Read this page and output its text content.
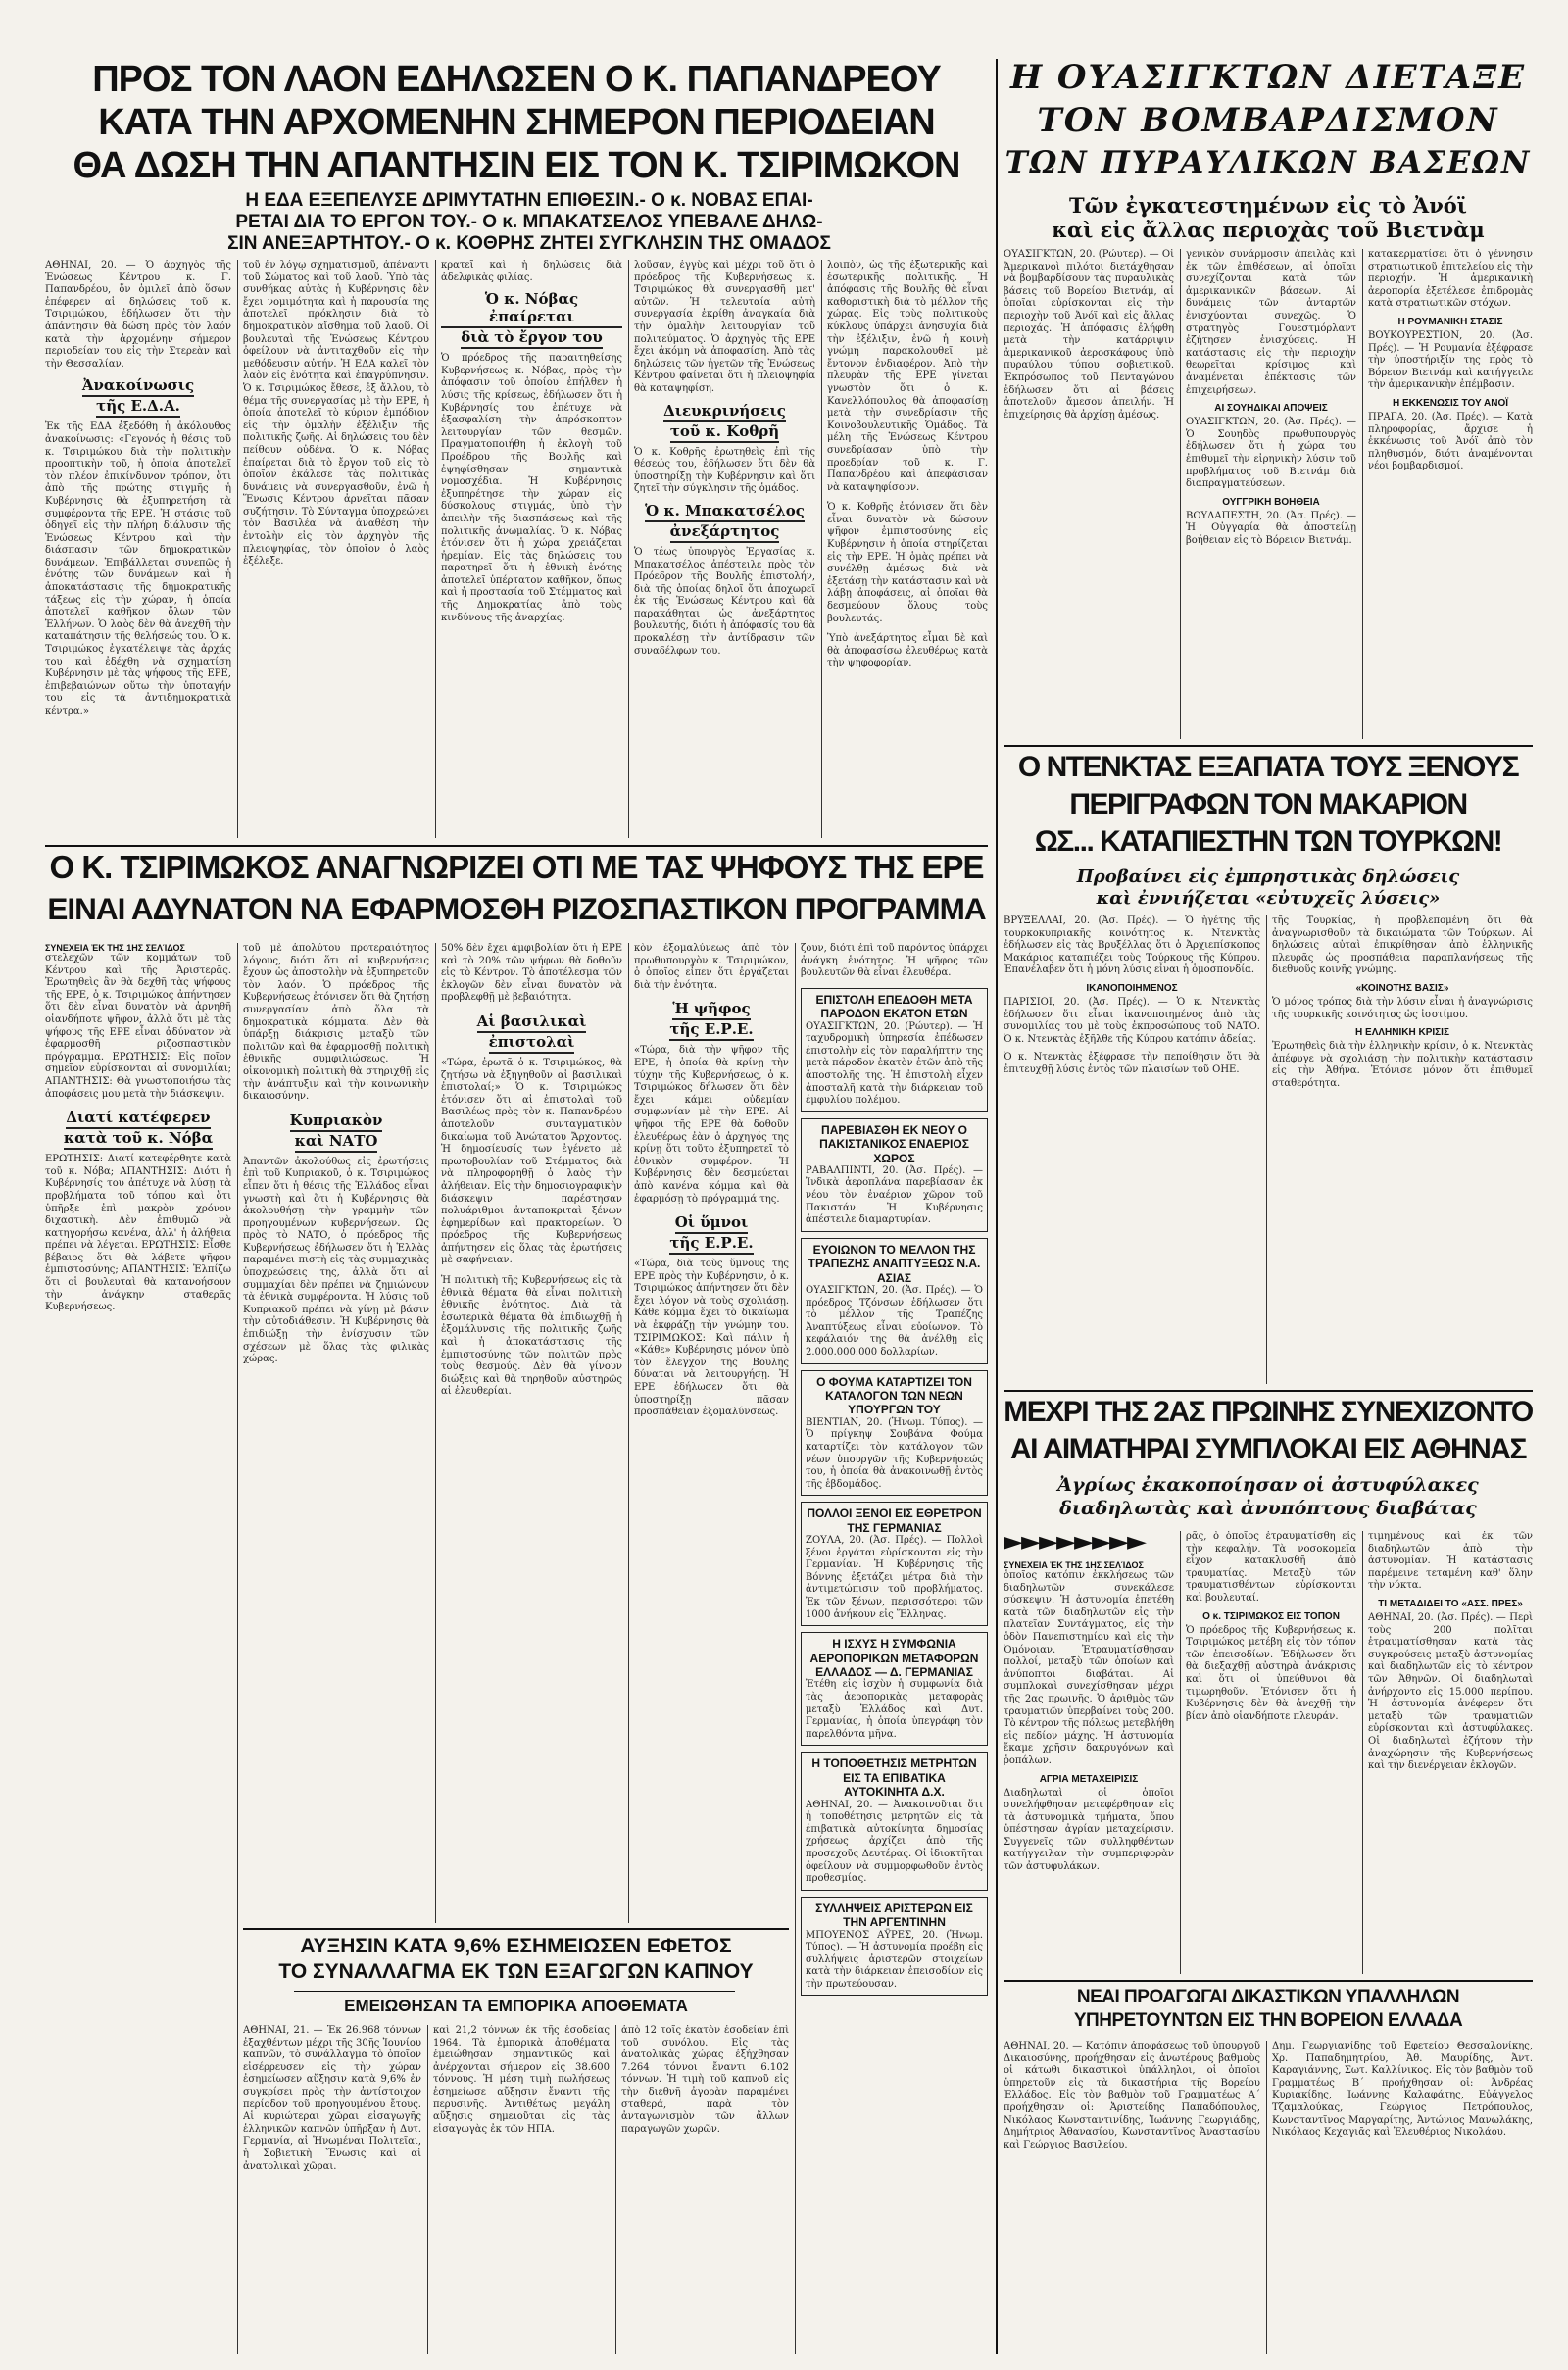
ΠΡΟΣ ΤΟΝ ΛΑΟΝ ΕΔΗΛΩΣΕΝ Ο Κ. ΠΑΠΑΝΔΡΕΟΥ
ΚΑΤΑ ΤΗΝ ΑΡΧΟΜΕΝΗΝ ΣΗΜΕΡΟΝ ΠΕΡΙΟΔΕΙΑΝ
ΘΑ ΔΩΣΗ ΤΗΝ ΑΠΑΝΤΗΣΙΝ ΕΙΣ ΤΟΝ Κ. ΤΣΙΡΙΜΩΚΟΝ
Η ΕΔΑ ΕΞΕΠΕΛΥΣΕ ΔΡΙΜΥΤΑΤΗΝ ΕΠΙΘΕΣΙΝ.- Ο κ. ΝΟΒΑΣ ΕΠΑΙ-
ΡΕΤΑΙ ΔΙΑ ΤΟ ΕΡΓΟΝ ΤΟΥ.- Ο κ. ΜΠΑΚΑΤΣΕΛΟΣ ΥΠΕΒΑΛΕ ΔΗΛΩ-
ΣΙΝ ΑΝΕΞΑΡΤΗΤΟΥ.- Ο κ. ΚΟΘΡΗΣ ΖΗΤΕΙ ΣΥΓΚΛΗΣΙΝ ΤΗΣ ΟΜΑΔΟΣ
ΑΘΗΝΑΙ, 20. — Ὁ ἀρχηγὸς τῆς Ἑνώσεως Κέντρου κ. Γ. Παπανδρέου, ὅν ὁμιλεῖ ἀπὸ ὅσων ἐπέφερεν αἱ δηλώσεις τοῦ κ. Τσιριμώκου, ἐδήλωσεν ὅτι τὴν ἀπάντησιν θὰ δώση πρὸς τὸν λαόν κατὰ τὴν ἀρχομένην σήμερον περιοδείαν του εἰς τὴν Στερεὰν καὶ τὴν Θεσσαλίαν.
Ἀνακοίνωσις
τῆς Ε.Δ.Α.
Ἐκ τῆς ΕΔΑ ἐξεδόθη ἡ ἀκόλουθος ἀνακοίνωσις: «Γεγονός ἡ θέσις τοῦ κ. Τσιριμώκου διὰ τὴν πολιτικὴν προοπτικὴν τοῦ, ἡ ὁποία ἀποτελεῖ τὸν πλέον ἐπικίνδυνον τρόπον, ὅτι ἀπὸ τῆς πρώτης στιγμῆς ἡ Κυβέρνησις θὰ ἐξυπηρετήση τὰ συμφέροντα τῆς ΕΡΕ. Ἡ στάσις τοῦ ὁδηγεῖ εἰς τὴν πλήρη διάλυσιν τῆς Ἑνώσεως Κέντρου καὶ τὴν διάσπασιν τῶν δημοκρατικῶν δυνάμεων. Ἐπιβάλλεται συνεπῶς ἡ ἑνότης τῶν δυνάμεων καὶ ἡ ἀποκατάστασις τῆς δημοκρατικῆς τάξεως εἰς τὴν χώραν, ἡ ὁποία ἀποτελεῖ καθῆκον ὅλων τῶν Ἑλλήνων. Ὁ λαὸς δὲν θὰ ἀνεχθῆ τὴν καταπάτησιν τῆς θελήσεώς του. Ὁ κ. Τσιριμώκος ἐγκατέλειψε τὰς ἀρχάς του καὶ ἐδέχθη νὰ σχηματίση Κυβέρνησιν μὲ τὰς ψήφους τῆς ΕΡΕ, ἐπιβεβαιώνων οὕτω τὴν ὑποταγήν του εἰς τὰ ἀντιδημοκρατικὰ κέντρα.»
τοῦ ἐν λόγῳ σχηματισμοῦ, ἀπέναντι τοῦ Σώματος καὶ τοῦ λαοῦ. Ὑπὸ τὰς συνθήκας αὐτὰς ἡ Κυβέρνησις δὲν ἔχει νομιμότητα καὶ ἡ παρουσία της ἀποτελεῖ πρόκλησιν διὰ τὸ δημοκρατικὸν αἴσθημα τοῦ λαοῦ. Οἱ βουλευταὶ τῆς Ἑνώσεως Κέντρου ὀφείλουν νὰ ἀντιταχθοῦν εἰς τὴν μεθόδευσιν αὐτήν. Ἡ ΕΔΑ καλεῖ τὸν λαὸν εἰς ἑνότητα καὶ ἐπαγρύπνησιν. Ὁ κ. Τσιριμώκος ἔθεσε, ἐξ ἄλλου, τὸ θέμα τῆς συνεργασίας μὲ τὴν ΕΡΕ, ἡ ὁποία ἀποτελεῖ τὸ κύριον ἐμπόδιον εἰς τὴν ὁμαλὴν ἐξέλιξιν τῆς πολιτικῆς ζωῆς. Αἱ δηλώσεις του δὲν πείθουν οὐδένα. Ὁ κ. Νόβας ἐπαίρεται διὰ τὸ ἔργον τοῦ εἰς τὸ ὁποῖον ἐκάλεσε τὰς πολιτικὰς δυνάμεις νὰ συνεργασθοῦν, ἐνῶ ἡ Ἕνωσις Κέντρου ἀρνεῖται πᾶσαν συζήτησιν. Τὸ Σύνταγμα ὑποχρεώνει τὸν Βασιλέα νὰ ἀναθέση τὴν ἐντολὴν εἰς τὸν ἀρχηγὸν τῆς πλειοψηφίας, τὸν ὁποῖον ὁ λαὸς ἐξέλεξε.
κρατεῖ καὶ ἡ δηλώσεις διὰ ἀδελφικὰς φιλίας.
Ὁ κ. Νόβας ἐπαίρεται
διὰ τὸ ἔργον του
Ὁ πρόεδρος τῆς παραιτηθείσης Κυβερνήσεως κ. Νόβας, πρὸς τὴν ἀπόφασιν τοῦ ὁποίου ἐπήλθεν ἡ λύσις τῆς κρίσεως, ἐδήλωσεν ὅτι ἡ Κυβέρνησίς του ἐπέτυχε νὰ ἐξασφαλίση τὴν ἀπρόσκοπτον λειτουργίαν τῶν θεσμῶν. Πραγματοποιήθη ἡ ἐκλογὴ τοῦ Προέδρου τῆς Βουλῆς καὶ ἐψηφίσθησαν σημαντικὰ νομοσχέδια. Ἡ Κυβέρνησις ἐξυπηρέτησε τὴν χώραν εἰς δύσκολους στιγμάς, ὑπὸ τὴν ἀπειλὴν τῆς διασπάσεως καὶ τῆς πολιτικῆς ἀνωμαλίας. Ὁ κ. Νόβας ἐτόνισεν ὅτι ἡ χώρα χρειάζεται ἠρεμίαν. Εἰς τὰς δηλώσεις του παρατηρεῖ ὅτι ἡ ἐθνικὴ ἑνότης ἀποτελεῖ ὑπέρτατον καθῆκον, ὅπως καὶ ἡ προστασία τοῦ Στέμματος καὶ τῆς Δημοκρατίας ἀπὸ τοὺς κινδύνους τῆς ἀναρχίας.
λοῦσαν, ἐγγὺς καὶ μέχρι τοῦ ὅτι ὁ πρόεδρος τῆς Κυβερνήσεως κ. Τσιριμώκος θὰ συνεργασθῆ μετ' αὐτῶν. Ἡ τελευταία αὐτὴ συνεργασία ἐκρίθη ἀναγκαία διὰ τὴν ὁμαλὴν λειτουργίαν τοῦ πολιτεύματος. Ὁ ἀρχηγὸς τῆς ΕΡΕ ἔχει ἀκόμη νὰ ἀποφασίση. Ἀπὸ τὰς δηλώσεις τῶν ἡγετῶν τῆς Ἑνώσεως Κέντρου φαίνεται ὅτι ἡ πλειοψηφία θὰ καταψηφίση.
Διευκρινήσεις
τοῦ κ. Κοθρῆ
Ὁ κ. Κοθρῆς ἐρωτηθεὶς ἐπὶ τῆς θέσεώς του, ἐδήλωσεν ὅτι δὲν θὰ ὑποστηρίξῃ τὴν Κυβέρνησιν καὶ ὅτι ζητεῖ τὴν σύγκλησιν τῆς ὁμάδος.
Ὁ κ. Μπακατσέλος
ἀνεξάρτητος
Ὁ τέως ὑπουργὸς Ἐργασίας κ. Μπακατσέλος ἀπέστειλε πρὸς τὸν Πρόεδρον τῆς Βουλῆς ἐπιστολήν, διὰ τῆς ὁποίας δηλοῖ ὅτι ἀποχωρεῖ ἐκ τῆς Ἑνώσεως Κέντρου καὶ θὰ παρακάθηται ὡς ἀνεξάρτητος βουλευτής, διότι ἡ ἀπόφασίς του θὰ προκαλέσῃ τὴν ἀντίδρασιν τῶν συναδέλφων του.
λοιπὸν, ὡς τῆς ἐξωτερικῆς καὶ ἐσωτερικῆς πολιτικῆς. Ἡ ἀπόφασις τῆς Βουλῆς θὰ εἶναι καθοριστικὴ διὰ τὸ μέλλον τῆς χώρας. Εἰς τοὺς πολιτικοὺς κύκλους ὑπάρχει ἀνησυχία διὰ τὴν ἐξέλιξιν, ἐνῶ ἡ κοινὴ γνώμη παρακολουθεῖ μὲ ἔντονον ἐνδιαφέρον. Ἀπὸ τὴν πλευρὰν τῆς ΕΡΕ γίνεται γνωστὸν ὅτι ὁ κ. Κανελλόπουλος θὰ ἀποφασίσῃ μετὰ τὴν συνεδρίασιν τῆς Κοινοβουλευτικῆς Ὁμάδος. Τὰ μέλη τῆς Ἑνώσεως Κέντρου συνεδρίασαν ὑπὸ τὴν προεδρίαν τοῦ κ. Γ. Παπανδρέου καὶ ἀπεφάσισαν νὰ καταψηφίσουν.
Ὁ κ. Κοθρῆς ἐτόνισεν ὅτι δὲν εἶναι δυνατὸν νὰ δώσουν ψῆφον ἐμπιστοσύνης εἰς Κυβέρνησιν ἡ ὁποία στηρίζεται εἰς τὴν ΕΡΕ. Ἡ ὁμὰς πρέπει νὰ συνέλθῃ ἀμέσως διὰ νὰ ἐξετάσῃ τὴν κατάστασιν καὶ νὰ λάβῃ ἀποφάσεις, αἱ ὁποῖαι θὰ δεσμεύουν ὅλους τοὺς βουλευτάς.
Ὑπὸ ἀνεξάρτητος εἶμαι δὲ καὶ θὰ ἀποφασίσω ἐλευθέρως κατὰ τὴν ψηφοφορίαν.
Ο Κ. ΤΣΙΡΙΜΩΚΟΣ ΑΝΑΓΝΩΡΙΖΕΙ ΟΤΙ ΜΕ ΤΑΣ ΨΗΦΟΥΣ ΤΗΣ ΕΡΕ
ΕΙΝΑΙ ΑΔΥΝΑΤΟΝ ΝΑ ΕΦΑΡΜΟΣΘΗ ΡΙΖΟΣΠΑΣΤΙΚΟΝ ΠΡΟΓΡΑΜΜΑ
ΣΥΝΕΧΕΙΑ ἘΚ ΤΗ͂Σ 1ΗΣ ΣΕΛΊΔΟΣ
στελεχῶν τῶν κομμάτων τοῦ Κέντρου καὶ τῆς Ἀριστερᾶς. Ἐρωτηθεὶς ἂν θὰ δεχθῆ τὰς ψήφους τῆς ΕΡΕ, ὁ κ. Τσιριμώκος ἀπήντησεν ὅτι δὲν εἶναι δυνατὸν νὰ ἀρνηθῆ οἱανδήποτε ψῆφον, ἀλλὰ ὅτι μὲ τὰς ψήφους τῆς ΕΡΕ εἶναι ἀδύνατον νὰ ἐφαρμοσθῆ ριζοσπαστικὸν πρόγραμμα. ΕΡΩΤΗΣΙΣ: Εἰς ποῖον σημεῖον εὑρίσκονται αἱ συνομιλίαι; ΑΠΑΝΤΗΣΙΣ: Θὰ γνωστοποιήσω τὰς ἀποφάσεις μου μετὰ τὴν διάσκεψιν.
Διατί κατέφερεν
κατὰ τοῦ κ. Νόβα
ΕΡΩΤΗΣΙΣ: Διατί κατεφέρθητε κατὰ τοῦ κ. Νόβα; ΑΠΑΝΤΗΣΙΣ: Διότι ἡ Κυβέρνησίς του ἀπέτυχε νὰ λύσῃ τὰ προβλήματα τοῦ τόπου καὶ ὅτι ὑπῆρξε ἐπὶ μακρὸν χρόνον διχαστικὴ. Δὲν ἐπιθυμῶ νὰ κατηγορήσω κανένα, ἀλλ' ἡ ἀλήθεια πρέπει νὰ λέγεται. ΕΡΩΤΗΣΙΣ: Εἶσθε βέβαιος ὅτι θὰ λάβετε ψῆφον ἐμπιστοσύνης; ΑΠΑΝΤΗΣΙΣ: Ἐλπίζω ὅτι οἱ βουλευταὶ θὰ κατανοήσουν τὴν ἀνάγκην σταθερᾶς Κυβερνήσεως.
τοῦ μὲ ἀπολύτου προτεραιότητος λόγους, διότι ὅτι αἱ κυβερνήσεις ἔχουν ὡς ἀποστολὴν νὰ ἐξυπηρετοῦν τὸν λαόν. Ὁ πρόεδρος τῆς Κυβερνήσεως ἐτόνισεν ὅτι θὰ ζητήσῃ συνεργασίαν ἀπὸ ὅλα τὰ δημοκρατικὰ κόμματα. Δὲν θὰ ὑπάρξῃ διάκρισις μεταξὺ τῶν πολιτῶν καὶ θὰ ἐφαρμοσθῇ πολιτικὴ ἐθνικῆς συμφιλιώσεως. Ἡ οἰκονομικὴ πολιτικὴ θὰ στηριχθῇ εἰς τὴν ἀνάπτυξιν καὶ τὴν κοινωνικὴν δικαιοσύνην.
Κυπριακὸν
καὶ ΝΑΤΟ
Ἀπαντῶν ἀκολούθως εἰς ἐρωτήσεις ἐπὶ τοῦ Κυπριακοῦ, ὁ κ. Τσιριμώκος εἶπεν ὅτι ἡ θέσις τῆς Ἑλλάδος εἶναι γνωστὴ καὶ ὅτι ἡ Κυβέρνησις θὰ ἀκολουθήσῃ τὴν γραμμὴν τῶν προηγουμένων κυβερνήσεων. Ὡς πρὸς τὸ ΝΑΤΟ, ὁ πρόεδρος τῆς Κυβερνήσεως ἐδήλωσεν ὅτι ἡ Ἑλλὰς παραμένει πιστὴ εἰς τὰς συμμαχικὰς ὑποχρεώσεις της, ἀλλὰ ὅτι αἱ συμμαχίαι δὲν πρέπει νὰ ζημιώνουν τὰ ἐθνικὰ συμφέροντα. Ἡ λύσις τοῦ Κυπριακοῦ πρέπει νὰ γίνῃ μὲ βάσιν τὴν αὐτοδιάθεσιν. Ἡ Κυβέρνησις θὰ ἐπιδιώξῃ τὴν ἐνίσχυσιν τῶν σχέσεων μὲ ὅλας τὰς φιλικὰς χώρας.
50% δὲν ἔχει ἀμφιβολίαν ὅτι ἡ ΕΡΕ καὶ τὸ 20% τῶν ψήφων θὰ δοθοῦν εἰς τὸ Κέντρον. Τὸ ἀποτέλεσμα τῶν ἐκλογῶν δὲν εἶναι δυνατὸν νὰ προβλεφθῇ μὲ βεβαιότητα.
Αἱ βασιλικαὶ
ἐπιστολαὶ
«Τώρα, ἐρωτᾶ ὁ κ. Τσιριμώκος, θὰ ζητήσω νὰ ἐξηγηθοῦν αἱ βασιλικαὶ ἐπιστολαί;» Ὁ κ. Τσιριμώκος ἐτόνισεν ὅτι αἱ ἐπιστολαὶ τοῦ Βασιλέως πρὸς τὸν κ. Παπανδρέου ἀποτελοῦν συνταγματικὸν δικαίωμα τοῦ Ἀνώτατου Ἄρχοντος. Ἡ δημοσίευσίς των ἐγένετο μὲ πρωτοβουλίαν τοῦ Στέμματος διὰ νὰ πληροφορηθῇ ὁ λαὸς τὴν ἀλήθειαν. Εἰς τὴν δημοσιογραφικὴν διάσκεψιν παρέστησαν πολυάριθμοι ἀνταποκριταὶ ξένων ἐφημερίδων καὶ πρακτορείων. Ὁ πρόεδρος τῆς Κυβερνήσεως ἀπήντησεν εἰς ὅλας τὰς ἐρωτήσεις μὲ σαφήνειαν.
Ἡ πολιτικὴ τῆς Κυβερνήσεως εἰς τὰ ἐθνικὰ θέματα θὰ εἶναι πολιτικὴ ἐθνικῆς ἑνότητος. Διὰ τὰ ἐσωτερικὰ θέματα θὰ ἐπιδιωχθῇ ἡ ἐξομάλυνσις τῆς πολιτικῆς ζωῆς καὶ ἡ ἀποκατάστασις τῆς ἐμπιστοσύνης τῶν πολιτῶν πρὸς τοὺς θεσμούς. Δὲν θὰ γίνουν διώξεις καὶ θὰ τηρηθοῦν αὐστηρῶς αἱ ἐλευθερίαι.
κὸν ἐξομαλύνεως ἀπὸ τὸν πρωθυπουργὸν κ. Τσιριμώκον, ὁ ὁποῖος εἶπεν ὅτι ἐργάζεται διὰ τὴν ἑνότητα.
Ἡ ψῆφος
τῆς Ε.Ρ.Ε.
«Τώρα, διὰ τὴν ψῆφον τῆς ΕΡΕ, ἡ ὁποία θὰ κρίνῃ τὴν τύχην τῆς Κυβερνήσεως, ὁ κ. Τσιριμώκος δήλωσεν ὅτι δὲν ἔχει κάμει οὐδεμίαν συμφωνίαν μὲ τὴν ΕΡΕ. Αἱ ψῆφοι τῆς ΕΡΕ θὰ δοθοῦν ἐλευθέρως ἐὰν ὁ ἀρχηγός της κρίνῃ ὅτι τοῦτο ἐξυπηρετεῖ τὸ ἐθνικὸν συμφέρον. Ἡ Κυβέρνησις δὲν δεσμεύεται ἀπὸ κανένα κόμμα καὶ θὰ ἐφαρμόσῃ τὸ πρόγραμμά της.
Οἱ ὕμνοι
τῆς Ε.Ρ.Ε.
«Τώρα, διὰ τοὺς ὕμνους τῆς ΕΡΕ πρὸς τὴν Κυβέρνησιν, ὁ κ. Τσιριμώκος ἀπήντησεν ὅτι δὲν ἔχει λόγον νὰ τοὺς σχολιάσῃ. Κάθε κόμμα ἔχει τὸ δικαίωμα νὰ ἐκφράζῃ τὴν γνώμην του. ΤΣΙΡΙΜΩΚΟΣ: Καὶ πάλιν ἡ «Κάθε» Κυβέρνησις μόνον ὑπὸ τὸν ἔλεγχον τῆς Βουλῆς δύναται νὰ λειτουργήσῃ. Ἡ ΕΡΕ ἐδήλωσεν ὅτι θὰ ὑποστηρίξῃ πᾶσαν προσπάθειαν ἐξομαλύνσεως.
ζουν, διότι ἐπὶ τοῦ παρόντος ὑπάρχει ἀνάγκη ἑνότητος. Ἡ ψῆφος τῶν βουλευτῶν θὰ εἶναι ἐλευθέρα.
ΕΠΙΣΤΟΛΗ ΕΠΕΔΟΘΗ ΜΕΤΑ ΠΑΡΟΔΟΝ ΕΚΑΤΟΝ ΕΤΩΝ
ΟΥΑΣΙΓΚΤΩΝ, 20. (Ρώυτερ). — Ἡ ταχυδρομικὴ ὑπηρεσία ἐπέδωσεν ἐπιστολὴν εἰς τὸν παραλήπτην της μετὰ πάροδον ἑκατὸν ἐτῶν ἀπὸ τῆς ἀποστολῆς της. Ἡ ἐπιστολὴ εἶχεν ἀποσταλῆ κατὰ τὴν διάρκειαν τοῦ ἐμφυλίου πολέμου.
ΠΑΡΕΒΙΑΣΘΗ ΕΚ ΝΕΟΥ Ο ΠΑΚΙΣΤΑΝΙΚΟΣ ΕΝΑΕΡΙΟΣ ΧΩΡΟΣ
ΡΑΒΑΛΠΙΝΤΙ, 20. (Ἀσ. Πρές). — Ἰνδικὰ ἀεροπλάνα παρεβίασαν ἐκ νέου τὸν ἐναέριον χῶρον τοῦ Πακιστάν. Ἡ Κυβέρνησις ἀπέστειλε διαμαρτυρίαν.
ΕΥΟΙΩΝΟΝ ΤΟ ΜΕΛΛΟΝ ΤΗΣ ΤΡΑΠΕΖΗΣ ΑΝΑΠΤΥΞΕΩΣ Ν.Α. ΑΣΙΑΣ
ΟΥΑΣΙΓΚΤΩΝ, 20. (Ἀσ. Πρές). — Ὁ πρόεδρος Τζόνσων ἐδήλωσεν ὅτι τὸ μέλλον τῆς Τραπέζης Ἀναπτύξεως εἶναι εὐοίωνον. Τὸ κεφάλαιόν της θὰ ἀνέλθῃ εἰς 2.000.000.000 δολλαρίων.
Ο ΦΟΥΜΑ ΚΑΤΑΡΤΙΖΕΙ ΤΟΝ ΚΑΤΑΛΟΓΟΝ ΤΩΝ ΝΕΩΝ ΥΠΟΥΡΓΩΝ ΤΟΥ
ΒΙΕΝΤΙΑΝ, 20. (Ἡνωμ. Τύπος). — Ὁ πρίγκηψ Σουβάνα Φούμα καταρτίζει τὸν κατάλογον τῶν νέων ὑπουργῶν τῆς Κυβερνήσεώς του, ἡ ὁποία θὰ ἀνακοινωθῇ ἐντὸς τῆς ἑβδομάδος.
ΠΟΛΛΟΙ ΞΕΝΟΙ ΕΙΣ ΕΘΡΕΤΡΟΝ ΤΗΣ ΓΕΡΜΑΝΙΑΣ
ΖΟΥΛΑ, 20. (Ἀσ. Πρές). — Πολλοὶ ξένοι ἐργάται εὑρίσκονται εἰς τὴν Γερμανίαν. Ἡ Κυβέρνησις τῆς Βόννης ἐξετάζει μέτρα διὰ τὴν ἀντιμετώπισιν τοῦ προβλήματος. Ἐκ τῶν ξένων, περισσότεροι τῶν 1000 ἀνήκουν εἰς Ἕλληνας.
Η ΙΣΧΥΣ Η ΣΥΜΦΩΝΙΑ ΑΕΡΟΠΟΡΙΚΩΝ ΜΕΤΑΦΟΡΩΝ ΕΛΛΑΔΟΣ — Δ. ΓΕΡΜΑΝΙΑΣ
Ἐτέθη εἰς ἰσχὺν ἡ συμφωνία διὰ τὰς ἀεροπορικὰς μεταφορὰς μεταξὺ Ἑλλάδος καὶ Δυτ. Γερμανίας, ἡ ὁποία ὑπεγράφη τὸν παρελθόντα μῆνα.
Η ΤΟΠΟΘΕΤΗΣΙΣ ΜΕΤΡΗΤΩΝ ΕΙΣ ΤΑ ΕΠΙΒΑΤΙΚΑ ΑΥΤΟΚΙΝΗΤΑ Δ.Χ.
ΑΘΗΝΑΙ, 20. — Ἀνακοινοῦται ὅτι ἡ τοποθέτησις μετρητῶν εἰς τὰ ἐπιβατικὰ αὐτοκίνητα δημοσίας χρήσεως ἀρχίζει ἀπὸ τῆς προσεχοῦς Δευτέρας. Οἱ ἰδιοκτῆται ὀφείλουν νὰ συμμορφωθοῦν ἐντὸς προθεσμίας.
ΣΥΛΛΗΨΕΙΣ ΑΡΙΣΤΕΡΩΝ ΕΙΣ ΤΗΝ ΑΡΓΕΝΤΙΝΗΝ
ΜΠΟΥΕΝΟΣ ΑΫΡΕΣ, 20. (Ἡνωμ. Τύπος). — Ἡ ἀστυνομία προέβη εἰς συλλήψεις ἀριστερῶν στοιχείων κατὰ τὴν διάρκειαν ἐπεισοδίων εἰς τὴν πρωτεύουσαν.
ΑΥΞΗΣΙΝ ΚΑΤΑ 9,6% ΕΣΗΜΕΙΩΣΕΝ ΕΦΕΤΟΣ
ΤΟ ΣΥΝΑΛΛΑΓΜΑ ΕΚ ΤΩΝ ΕΞΑΓΩΓΩΝ ΚΑΠΝΟΥ
ΕΜΕΙΩΘΗΣΑΝ ΤΑ ΕΜΠΟΡΙΚΑ ΑΠΟΘΕΜΑΤΑ
ΑΘΗΝΑΙ, 21. — Ἐκ 26.968 τόννων ἐξαχθέντων μέχρι τῆς 30ῆς Ἰουνίου καπνῶν, τὸ συνάλλαγμα τὸ ὁποῖον εἰσέρρευσεν εἰς τὴν χώραν ἐσημείωσεν αὔξησιν κατὰ 9,6% ἐν συγκρίσει πρὸς τὴν ἀντίστοιχον περίοδον τοῦ προηγουμένου ἔτους. Αἱ κυριώτεραι χῶραι εἰσαγωγῆς ἑλληνικῶν καπνῶν ὑπῆρξαν ἡ Δυτ. Γερμανία, αἱ Ἡνωμέναι Πολιτεῖαι, ἡ Σοβιετικὴ Ἕνωσις καὶ αἱ ἀνατολικαὶ χῶραι.
καὶ 21,2 τόννων ἐκ τῆς ἐσοδείας 1964. Τὰ ἐμπορικὰ ἀποθέματα ἐμειώθησαν σημαντικῶς καὶ ἀνέρχονται σήμερον εἰς 38.600 τόννους. Ἡ μέση τιμὴ πωλήσεως ἐσημείωσε αὔξησιν ἔναντι τῆς περυσινῆς. Ἀντιθέτως μεγάλη αὔξησις σημειοῦται εἰς τὰς εἰσαγωγὰς ἐκ τῶν ΗΠΑ.
ἀπὸ 12 τοῖς ἑκατὸν ἐσοδείαν ἐπὶ τοῦ συνόλου. Εἰς τὰς ἀνατολικὰς χώρας ἐξήχθησαν 7.264 τόννοι ἔναντι 6.102 τόννων. Ἡ τιμὴ τοῦ καπνοῦ εἰς τὴν διεθνῆ ἀγορὰν παραμένει σταθερά, παρὰ τὸν ἀνταγωνισμὸν τῶν ἄλλων παραγωγῶν χωρῶν.
Η ΟΥΑΣΙΓΚΤΩΝ ΔΙΕΤΑΞΕ
ΤΟΝ ΒΟΜΒΑΡΔΙΣΜΟΝ
ΤΩΝ ΠΥΡΑΥΛΙΚΩΝ ΒΑΣΕΩΝ
Τῶν ἐγκατεστημένων εἰς τὸ Ἀνόϊ
καὶ εἰς ἄλλας περιοχὰς τοῦ Βιετνὰμ
ΟΥΑΣΙΓΚΤΩΝ, 20. (Ρώυτερ). — Οἱ Ἀμερικανοὶ πιλότοι διετάχθησαν νὰ βομβαρδίσουν τὰς πυραυλικὰς βάσεις τοῦ Βορείου Βιετνάμ, αἱ ὁποῖαι εὑρίσκονται εἰς τὴν περιοχὴν τοῦ Ἀνόϊ καὶ εἰς ἄλλας περιοχάς. Ἡ ἀπόφασις ἐλήφθη μετὰ τὴν κατάρριψιν ἀμερικανικοῦ ἀεροσκάφους ὑπὸ πυραύλου τύπου σοβιετικοῦ. Ἐκπρόσωπος τοῦ Πενταγώνου ἐδήλωσεν ὅτι αἱ βάσεις ἀποτελοῦν ἄμεσον ἀπειλήν. Ἡ ἐπιχείρησις θὰ ἀρχίσῃ ἀμέσως.
γενικὸν συνάρμοσιν ἀπειλὰς καὶ ἐκ τῶν ἐπιθέσεων, αἱ ὁποῖαι συνεχίζονται κατὰ τῶν ἀμερικανικῶν βάσεων. Αἱ δυνάμεις τῶν ἀνταρτῶν ἐνισχύονται συνεχῶς. Ὁ στρατηγὸς Γουεστμόρλαντ ἐζήτησεν ἐνισχύσεις. Ἡ κατάστασις εἰς τὴν περιοχὴν θεωρεῖται κρίσιμος καὶ ἀναμένεται ἐπέκτασις τῶν ἐπιχειρήσεων.
ΑΙ ΣΟΥΗΔΙΚΑΙ ΑΠΟΨΕΙΣ
ΟΥΑΣΙΓΚΤΩΝ, 20. (Ἀσ. Πρές). — Ὁ Σουηδὸς πρωθυπουργὸς ἐδήλωσεν ὅτι ἡ χώρα του ἐπιθυμεῖ τὴν εἰρηνικὴν λύσιν τοῦ προβλήματος τοῦ Βιετνάμ διὰ διαπραγματεύσεων.
ΟΥΓΓΡΙΚΗ ΒΟΗΘΕΙΑ
ΒΟΥΔΑΠΕΣΤΗ, 20. (Ἀσ. Πρές). — Ἡ Οὐγγαρία θὰ ἀποστείλῃ βοήθειαν εἰς τὸ Βόρειον Βιετνάμ.
κατακερματίσει ὅτι ὁ γέννησιν στρατιωτικοῦ ἐπιτελείου εἰς τὴν περιοχήν. Ἡ ἀμερικανικὴ ἀεροπορία ἐξετέλεσε ἐπιδρομὰς κατὰ στρατιωτικῶν στόχων.
Η ΡΟΥΜΑΝΙΚΗ ΣΤΑΣΙΣ
ΒΟΥΚΟΥΡΕΣΤΙΟΝ, 20. (Ἀσ. Πρές). — Ἡ Ρουμανία ἐξέφρασε τὴν ὑποστήριξίν της πρὸς τὸ Βόρειον Βιετνάμ καὶ κατήγγειλε τὴν ἀμερικανικὴν ἐπέμβασιν.
Η ΕΚΚΕΝΩΣΙΣ ΤΟΥ ΑΝΟΪ
ΠΡΑΓΑ, 20. (Ἀσ. Πρές). — Κατὰ πληροφορίας, ἄρχισε ἡ ἐκκένωσις τοῦ Ἀνόϊ ἀπὸ τὸν πληθυσμόν, διότι ἀναμένονται νέοι βομβαρδισμοί.
Ο ΝΤΕΝΚΤΑΣ ΕΞΑΠΑΤΑ ΤΟΥΣ ΞΕΝΟΥΣ
ΠΕΡΙΓΡΑΦΩΝ ΤΟΝ ΜΑΚΑΡΙΟΝ
ΩΣ... ΚΑΤΑΠΙΕΣΤΗΝ ΤΩΝ ΤΟΥΡΚΩΝ!
Προβαίνει εἰς ἐμπρηστικὰς δηλώσεις
καὶ ἐννιήζεται «εὐτυχεῖς λύσεις»
ΒΡΥΞΕΛΛΑΙ, 20. (Ἀσ. Πρές). — Ὁ ἡγέτης τῆς τουρκοκυπριακῆς κοινότητος κ. Ντενκτὰς ἐδήλωσεν εἰς τὰς Βρυξέλλας ὅτι ὁ Ἀρχιεπίσκοπος Μακάριος καταπιέζει τοὺς Τούρκους τῆς Κύπρου. Ἐπανέλαβεν ὅτι ἡ μόνη λύσις εἶναι ἡ ὁμοσπονδία.
ΙΚΑΝΟΠΟΙΗΜΕΝΟΣ
ΠΑΡΙΣΙΟΙ, 20. (Ἀσ. Πρές). — Ὁ κ. Ντενκτὰς ἐδήλωσεν ὅτι εἶναι ἱκανοποιημένος ἀπὸ τὰς συνομιλίας του μὲ τοὺς ἐκπροσώπους τοῦ ΝΑΤΟ. Ὁ κ. Ντενκτὰς ἐξῆλθε τῆς Κύπρου κατόπιν ἀδείας.
Ὁ κ. Ντενκτὰς ἐξέφρασε τὴν πεποίθησιν ὅτι θὰ ἐπιτευχθῇ λύσις ἐντὸς τῶν πλαισίων τοῦ ΟΗΕ.
τῆς Τουρκίας, ἡ προβλεπομένη ὅτι θὰ ἀναγνωρισθοῦν τὰ δικαιώματα τῶν Τούρκων. Αἱ δηλώσεις αὐταὶ ἐπικρίθησαν ἀπὸ ἑλληνικῆς πλευρᾶς ὡς προσπάθεια παραπλανήσεως τῆς διεθνοῦς κοινῆς γνώμης.
«ΚΟΙΝΟΤΗΣ ΒΑΣΙΣ»
Ὁ μόνος τρόπος διὰ τὴν λύσιν εἶναι ἡ ἀναγνώρισις τῆς τουρκικῆς κοινότητος ὡς ἰσοτίμου.
Η ΕΛΛΗΝΙΚΗ ΚΡΙΣΙΣ
Ἐρωτηθεὶς διὰ τὴν ἑλληνικὴν κρίσιν, ὁ κ. Ντενκτὰς ἀπέφυγε νὰ σχολιάσῃ τὴν πολιτικὴν κατάστασιν εἰς τὴν Ἀθήνα. Ἐτόνισε μόνον ὅτι ἐπιθυμεῖ σταθερότητα.
ΜΕΧΡΙ ΤΗΣ 2ΑΣ ΠΡΩΙΝΗΣ ΣΥΝΕΧΙΖΟΝΤΟ
ΑΙ ΑΙΜΑΤΗΡΑΙ ΣΥΜΠΛΟΚΑΙ ΕΙΣ ΑΘΗΝΑΣ
Ἀγρίως ἐκακοποίησαν οἱ ἀστυφύλακες
διαδηλωτὰς καὶ ἀνυπόπτους διαβάτας
►►►►►►►►
ΣΥΝΕΧΕΙΑ ἘΚ ΤΗ͂Σ 1ΗΣ ΣΕΛΊΔΟΣ
ὁποῖος κατόπιν ἐκκλήσεως τῶν διαδηλωτῶν συνεκάλεσε σύσκεψιν. Ἡ ἀστυνομία ἐπετέθη κατὰ τῶν διαδηλωτῶν εἰς τὴν πλατεῖαν Συντάγματος, εἰς τὴν ὁδὸν Πανεπιστημίου καὶ εἰς τὴν Ὁμόνοιαν. Ἐτραυματίσθησαν πολλοί, μεταξὺ τῶν ὁποίων καὶ ἀνύποπτοι διαβάται. Αἱ συμπλοκαὶ συνεχίσθησαν μέχρι τῆς 2ας πρωινῆς. Ὁ ἀριθμὸς τῶν τραυματιῶν ὑπερβαίνει τοὺς 200. Τὸ κέντρον τῆς πόλεως μετεβλήθη εἰς πεδίον μάχης. Ἡ ἀστυνομία ἔκαμε χρῆσιν δακρυγόνων καὶ ῥοπάλων.
ΑΓΡΙΑ ΜΕΤΑΧΕΙΡΙΣΙΣ
Διαδηλωταὶ οἱ ὁποῖοι συνελήφθησαν μετεφέρθησαν εἰς τὰ ἀστυνομικὰ τμήματα, ὅπου ὑπέστησαν ἀγρίαν μεταχείρισιν. Συγγενεῖς τῶν συλληφθέντων κατήγγειλαν τὴν συμπεριφορὰν τῶν ἀστυφυλάκων.
ρᾶς, ὁ ὁποῖος ἐτραυματίσθη εἰς τὴν κεφαλήν. Τὰ νοσοκομεῖα εἶχον κατακλυσθῆ ἀπὸ τραυματίας. Μεταξὺ τῶν τραυματισθέντων εὑρίσκονται καὶ βουλευταί.
Ο κ. ΤΣΙΡΙΜΩΚΟΣ ΕΙΣ ΤΟΠΟΝ
Ὁ πρόεδρος τῆς Κυβερνήσεως κ. Τσιριμώκος μετέβη εἰς τὸν τόπον τῶν ἐπεισοδίων. Ἐδήλωσεν ὅτι θὰ διεξαχθῇ αὐστηρὰ ἀνάκρισις καὶ ὅτι οἱ ὑπεύθυνοι θὰ τιμωρηθοῦν. Ἐτόνισεν ὅτι ἡ Κυβέρνησις δὲν θὰ ἀνεχθῇ τὴν βίαν ἀπὸ οἱανδήποτε πλευράν.
τιμημένους καὶ ἐκ τῶν διαδηλωτῶν ἀπὸ τὴν ἀστυνομίαν. Ἡ κατάστασις παρέμεινε τεταμένη καθ' ὅλην τὴν νύκτα.
ΤΙ ΜΕΤΑΔΙΔΕΙ ΤΟ «ΑΣΣ. ΠΡΕΣ»
ΑΘΗΝΑΙ, 20. (Ἀσ. Πρές). — Περὶ τοὺς 200 πολῖται ἐτραυματίσθησαν κατὰ τὰς συγκρούσεις μεταξὺ ἀστυνομίας καὶ διαδηλωτῶν εἰς τὸ κέντρον τῶν Ἀθηνῶν. Οἱ διαδηλωταὶ ἀνήρχοντο εἰς 15.000 περίπου. Ἡ ἀστυνομία ἀνέφερεν ὅτι μεταξὺ τῶν τραυματιῶν εὑρίσκονται καὶ ἀστυφύλακες. Οἱ διαδηλωταὶ ἐζήτουν τὴν ἀναχώρησιν τῆς Κυβερνήσεως καὶ τὴν διενέργειαν ἐκλογῶν.
ΝΕΑΙ ΠΡΟΑΓΩΓΑΙ ΔΙΚΑΣΤΙΚΩΝ ΥΠΑΛΛΗΛΩΝ
ΥΠΗΡΕΤΟΥΝΤΩΝ ΕΙΣ ΤΗΝ ΒΟΡΕΙΟΝ ΕΛΛΑΔΑ
ΑΘΗΝΑΙ, 20. — Κατόπιν ἀποφάσεως τοῦ ὑπουργοῦ Δικαιοσύνης, προήχθησαν εἰς ἀνωτέρους βαθμοὺς οἱ κάτωθι δικαστικοὶ ὑπάλληλοι, οἱ ὁποῖοι ὑπηρετοῦν εἰς τὰ δικαστήρια τῆς Βορείου Ἑλλάδος. Εἰς τὸν βαθμὸν τοῦ Γραμματέως Α΄ προήχθησαν οἱ: Ἀριστείδης Παπαδόπουλος, Νικόλαος Κωνσταντινίδης, Ἰωάννης Γεωργιάδης, Δημήτριος Ἀθανασίου, Κωνσταντῖνος Ἀναστασίου καὶ Γεώργιος Βασιλείου.
Δημ. Γεωργιανίδης τοῦ Εφετείου Θεσσαλονίκης, Χρ. Παπαδημητρίου, Ἀθ. Μαυρίδης, Ἀντ. Καραγιάννης, Σωτ. Καλλίνικος. Εἰς τὸν βαθμὸν τοῦ Γραμματέως Β΄ προήχθησαν οἱ: Ἀνδρέας Κυριακίδης, Ἰωάννης Καλαφάτης, Εὐάγγελος Τζαμαλούκας, Γεώργιος Πετρόπουλος, Κωνσταντῖνος Μαργαρίτης, Ἀντώνιος Μανωλάκης, Νικόλαος Κεχαγιᾶς καὶ Ἐλευθέριος Νικολάου.
